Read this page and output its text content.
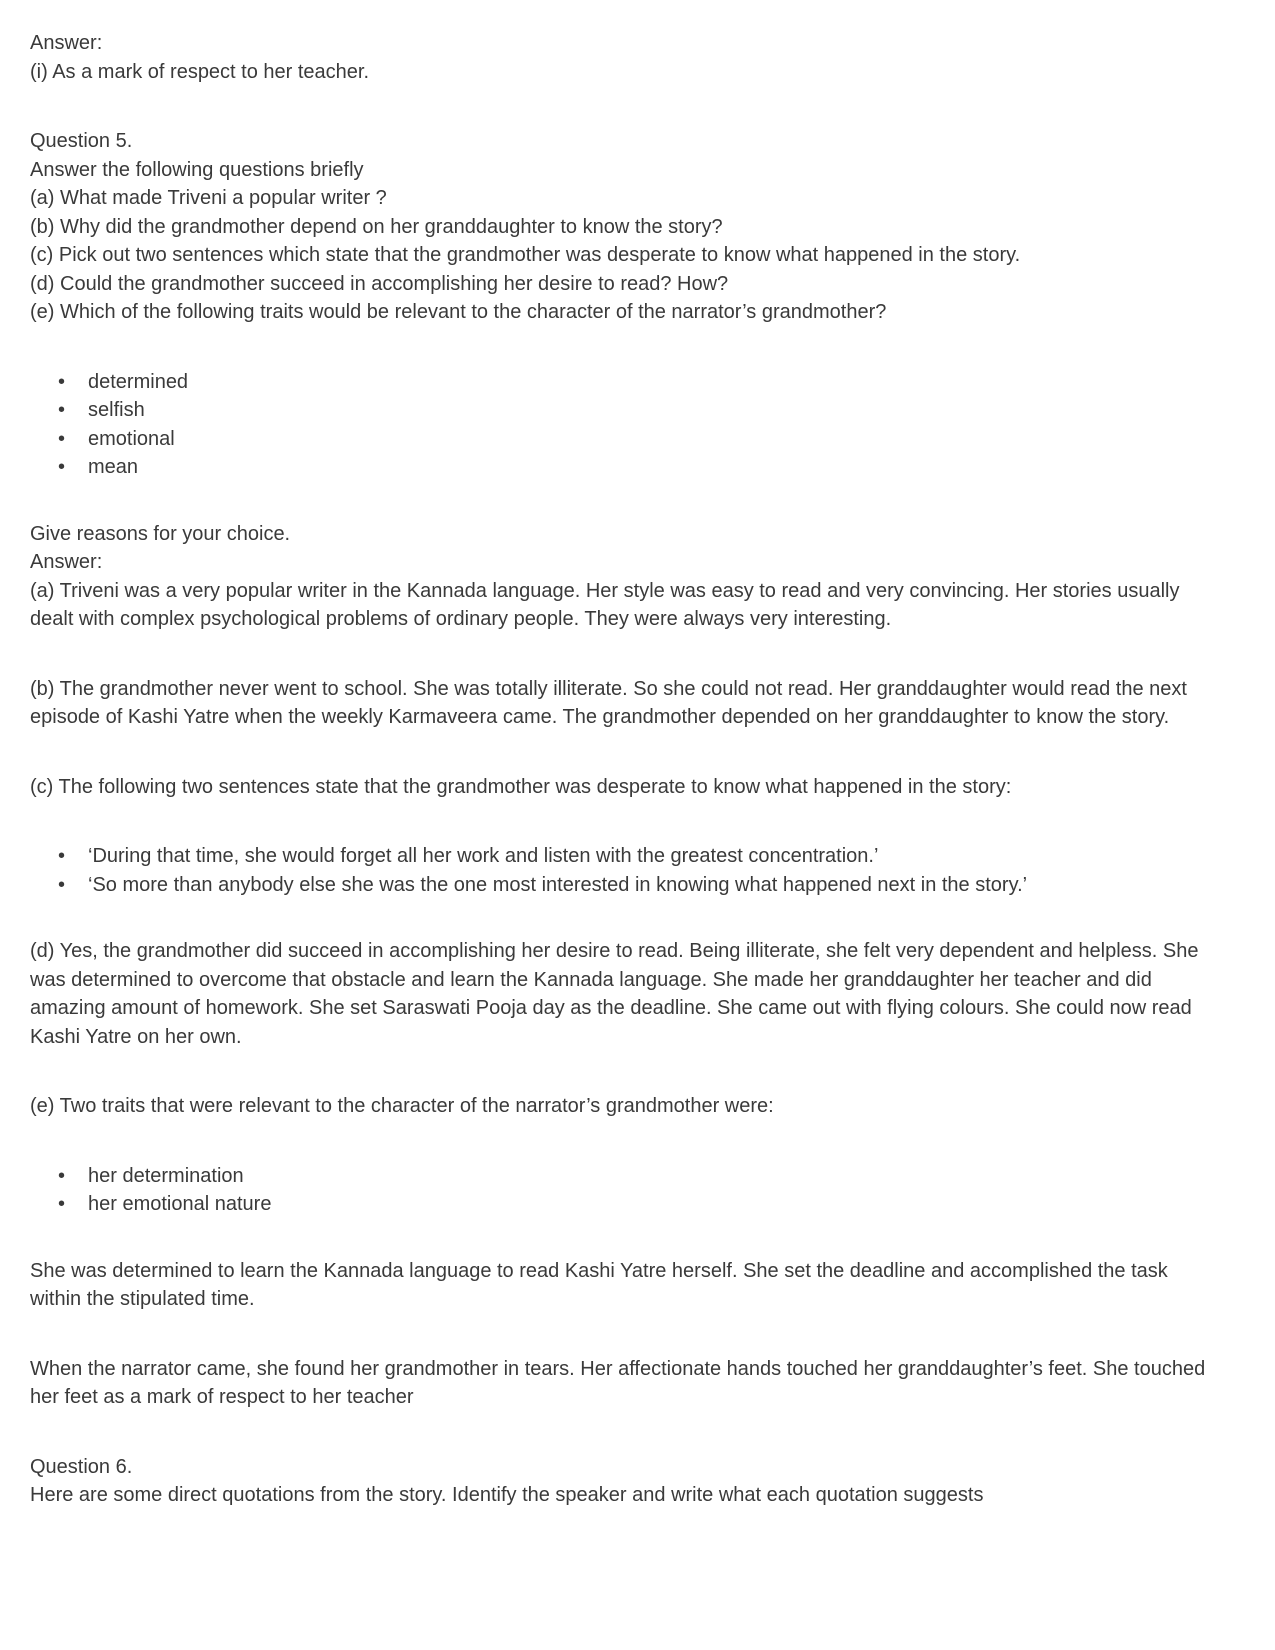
Answer:
(i) As a mark of respect to her teacher.

Question 5.
Answer the following questions briefly
(a) What made Triveni a popular writer ?
(b) Why did the grandmother depend on her granddaughter to know the story?
(c) Pick out two sentences which state that the grandmother was desperate to know what happened in the story.
(d) Could the grandmother succeed in accomplishing her desire to read? How?
(e) Which of the following traits would be relevant to the character of the narrator’s grandmother?

• determined
• selfish
• emotional
• mean

Give reasons for your choice.
Answer:
(a) Triveni was a very popular writer in the Kannada language. Her style was easy to read and very convincing. Her stories usually dealt with complex psychological problems of ordinary people. They were always very interesting.

(b) The grandmother never went to school. She was totally illiterate. So she could not read. Her granddaughter would read the next episode of Kashi Yatre when the weekly Karmaveera came. The grandmother depended on her granddaughter to know the story.

(c) The following two sentences state that the grandmother was desperate to know what happened in the story:

• ‘During that time, she would forget all her work and listen with the greatest concentration.’
• ‘So more than anybody else she was the one most interested in knowing what happened next in the story.’

(d) Yes, the grandmother did succeed in accomplishing her desire to read. Being illiterate, she felt very dependent and helpless. She was determined to overcome that obstacle and learn the Kannada language. She made her granddaughter her teacher and did amazing amount of homework. She set Saraswati Pooja day as the deadline. She came out with flying colours. She could now read Kashi Yatre on her own.

(e) Two traits that were relevant to the character of the narrator’s grandmother were:

• her determination
• her emotional nature

She was determined to learn the Kannada language to read Kashi Yatre herself. She set the deadline and accomplished the task within the stipulated time.

When the narrator came, she found her grandmother in tears. Her affectionate hands touched her granddaughter’s feet. She touched her feet as a mark of respect to her teacher

Question 6.
Here are some direct quotations from the story. Identify the speaker and write what each quotation suggests
